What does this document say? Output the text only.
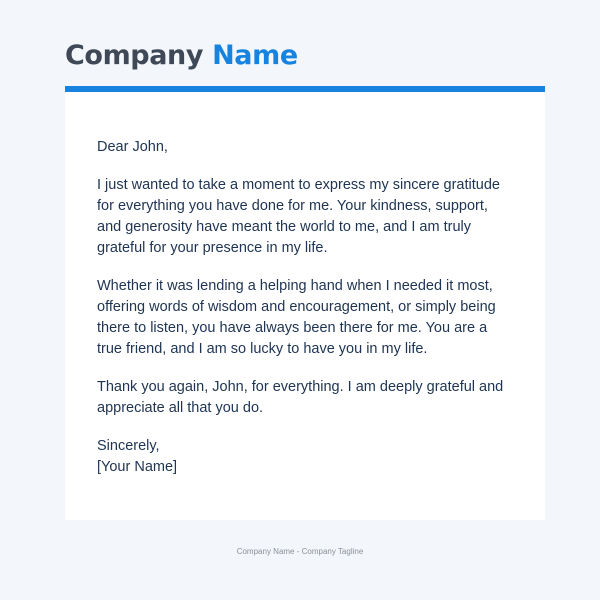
Company Name

Dear John,

I just wanted to take a moment to express my sincere gratitude for everything you have done for me. Your kindness, support, and generosity have meant the world to me, and I am truly grateful for your presence in my life.

Whether it was lending a helping hand when I needed it most, offering words of wisdom and encouragement, or simply being there to listen, you have always been there for me. You are a true friend, and I am so lucky to have you in my life.

Thank you again, John, for everything. I am deeply grateful and appreciate all that you do.

Sincerely,
[Your Name]
Company Name - Company Tagline
